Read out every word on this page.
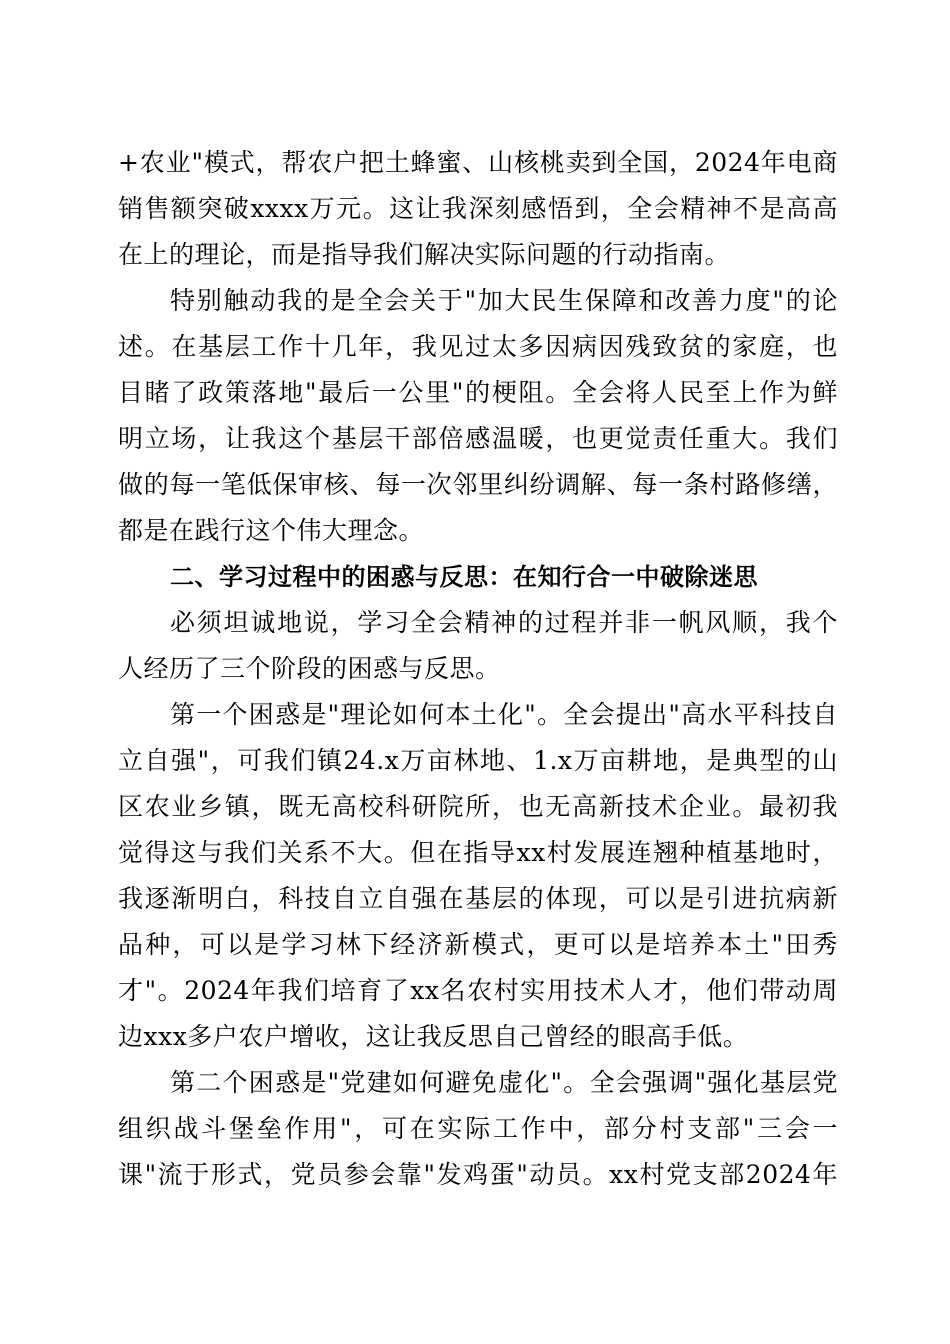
+农业"模式，帮农户把土蜂蜜、山核桃卖到全国，2024年电商
销售额突破xxxx万元。这让我深刻感悟到，全会精神不是高高
在上的理论，而是指导我们解决实际问题的行动指南。
特别触动我的是全会关于"加大民生保障和改善力度"的论
述。在基层工作十几年，我见过太多因病因残致贫的家庭，也
目睹了政策落地"最后一公里"的梗阻。全会将人民至上作为鲜
明立场，让我这个基层干部倍感温暖，也更觉责任重大。我们
做的每一笔低保审核、每一次邻里纠纷调解、每一条村路修缮，
都是在践行这个伟大理念。
二、学习过程中的困惑与反思：在知行合一中破除迷思
必须坦诚地说，学习全会精神的过程并非一帆风顺，我个
人经历了三个阶段的困惑与反思。
第一个困惑是"理论如何本土化"。全会提出"高水平科技自
立自强"，可我们镇24.x万亩林地、1.x万亩耕地，是典型的山
区农业乡镇，既无高校科研院所，也无高新技术企业。最初我
觉得这与我们关系不大。但在指导xx村发展连翘种植基地时，
我逐渐明白，科技自立自强在基层的体现，可以是引进抗病新
品种，可以是学习林下经济新模式，更可以是培养本土"田秀
才"。2024年我们培育了xx名农村实用技术人才，他们带动周
边xxx多户农户增收，这让我反思自己曾经的眼高手低。
第二个困惑是"党建如何避免虚化"。全会强调"强化基层党
组织战斗堡垒作用"，可在实际工作中，部分村支部"三会一
课"流于形式，党员参会靠"发鸡蛋"动员。xx村党支部2024年
